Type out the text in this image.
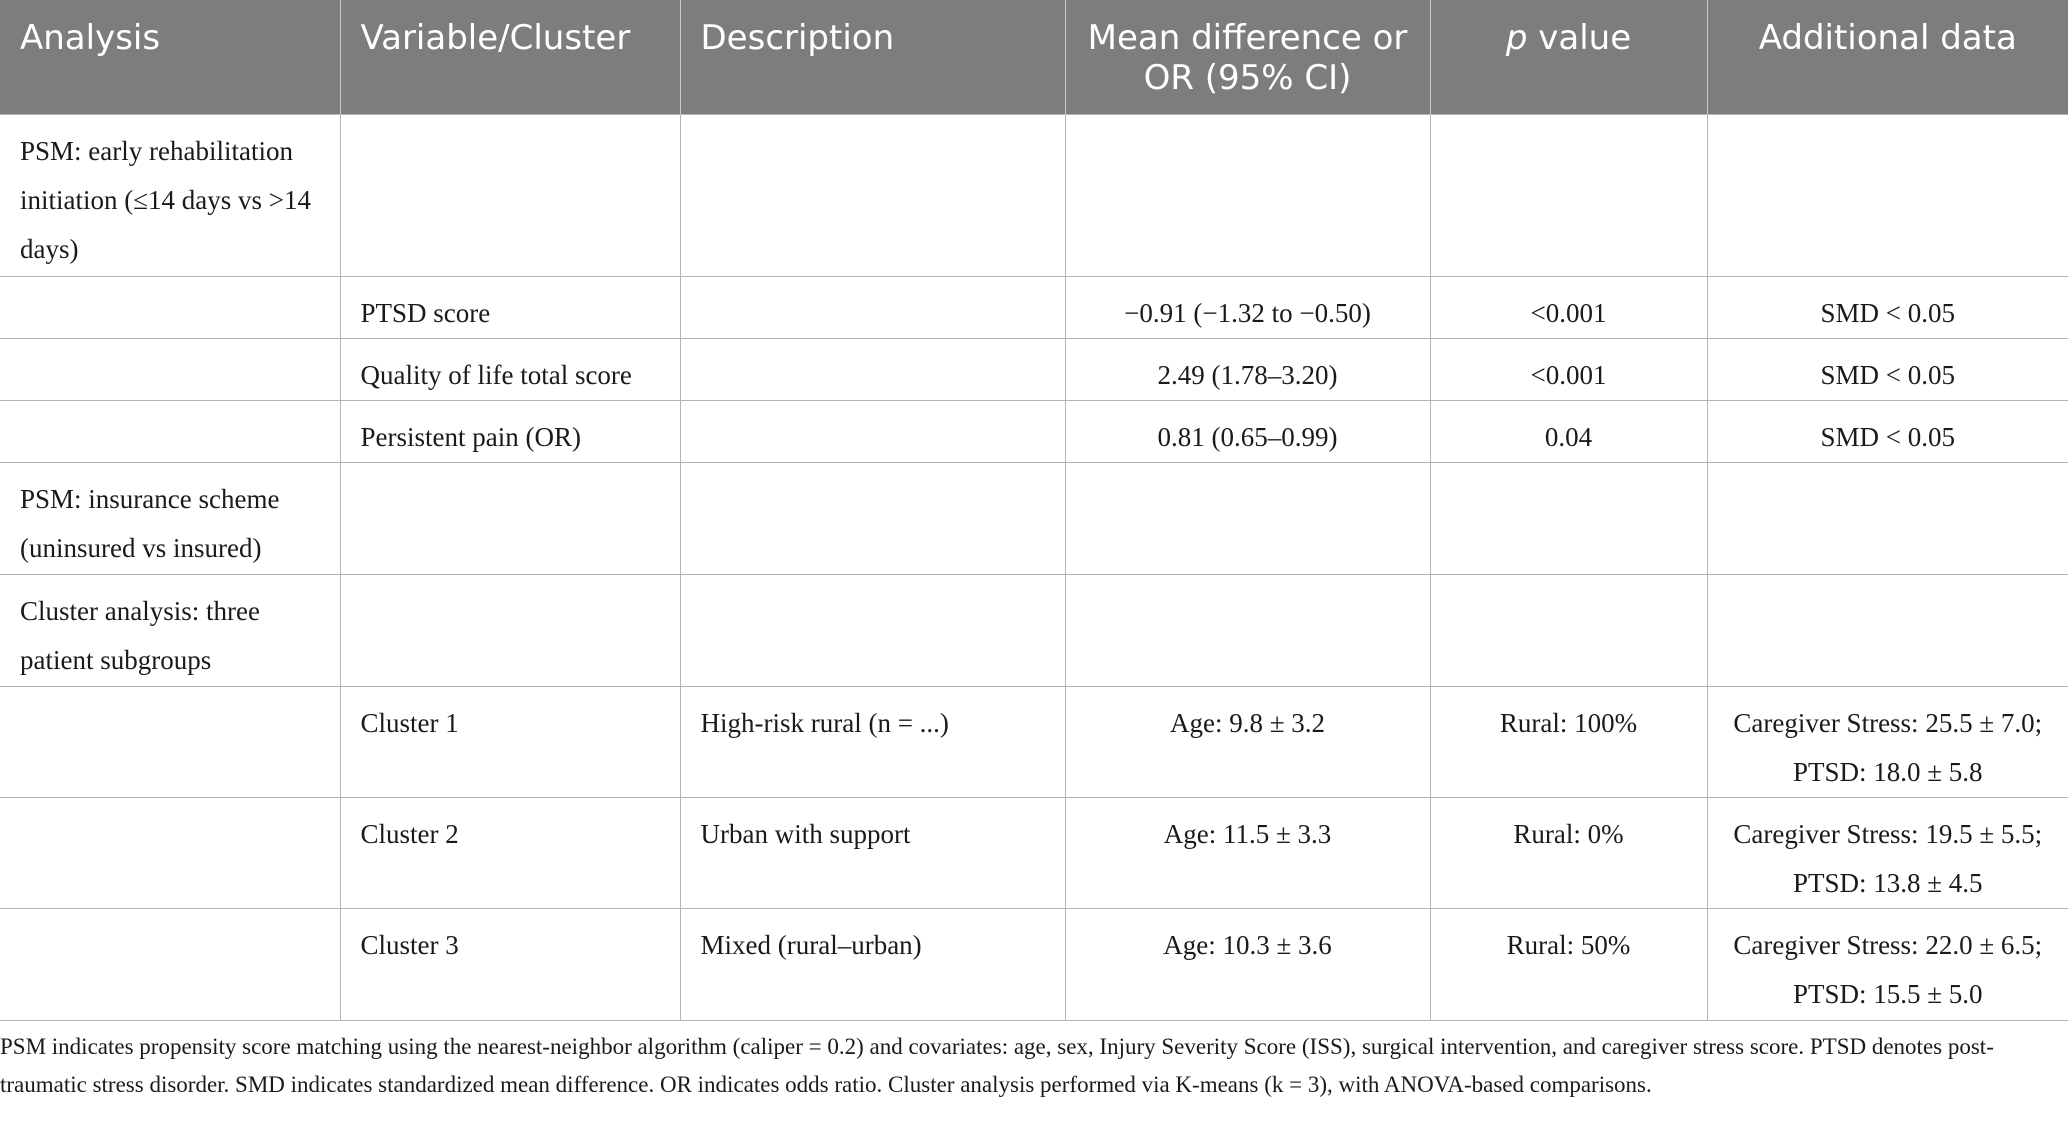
Analysis	Variable/Cluster	Description	Mean difference or OR (95% CI)	p value	Additional data
PSM: early rehabilitation initiation (≤14 days vs >14 days)					
	PTSD score		−0.91 (−1.32 to −0.50)	<0.001	SMD < 0.05
	Quality of life total score		2.49 (1.78–3.20)	<0.001	SMD < 0.05
	Persistent pain (OR)		0.81 (0.65–0.99)	0.04	SMD < 0.05
PSM: insurance scheme (uninsured vs insured)					
Cluster analysis: three patient subgroups					
	Cluster 1	High-risk rural (n = ...)	Age: 9.8 ± 3.2	Rural: 100%	Caregiver Stress: 25.5 ± 7.0; PTSD: 18.0 ± 5.8
	Cluster 2	Urban with support	Age: 11.5 ± 3.3	Rural: 0%	Caregiver Stress: 19.5 ± 5.5; PTSD: 13.8 ± 4.5
	Cluster 3	Mixed (rural–urban)	Age: 10.3 ± 3.6	Rural: 50%	Caregiver Stress: 22.0 ± 6.5; PTSD: 15.5 ± 5.0

PSM indicates propensity score matching using the nearest-neighbor algorithm (caliper = 0.2) and covariates: age, sex, Injury Severity Score (ISS), surgical intervention, and caregiver stress score. PTSD denotes post-traumatic stress disorder. SMD indicates standardized mean difference. OR indicates odds ratio. Cluster analysis performed via K-means (k = 3), with ANOVA-based comparisons.
